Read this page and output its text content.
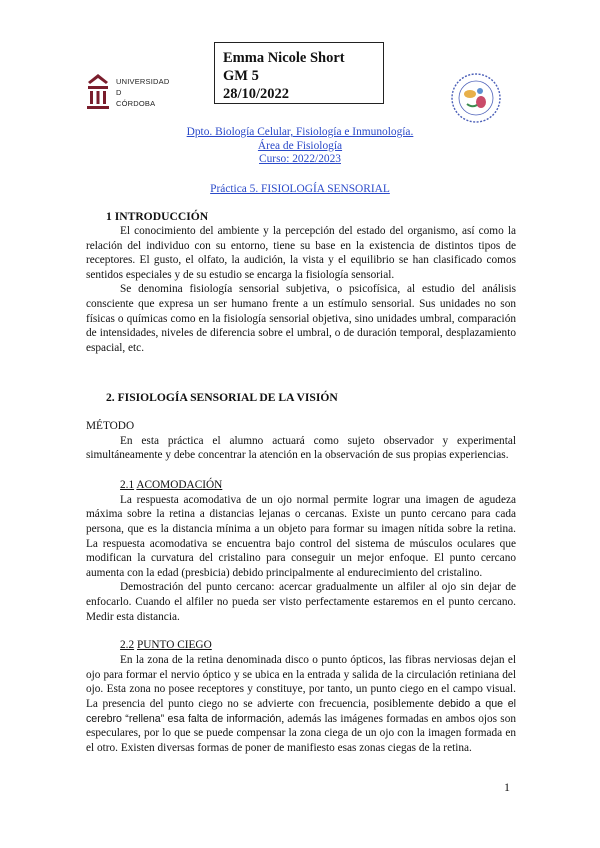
Emma Nicole Short
GM 5
28/10/2022
UNIVERSIDAD
D
CÓRDOBA
Dpto. Biología Celular, Fisiología e Inmunología.
Área de Fisiología
Curso: 2022/2023
Práctica 5. FISIOLOGÍA SENSORIAL
1 INTRODUCCIÓN

El conocimiento del ambiente y la percepción del estado del organismo, así como la relación del individuo con su entorno, tiene su base en la existencia de distintos tipos de receptores. El gusto, el olfato, la audición, la vista y el equilibrio se han clasificado comos sentidos especiales y de su estudio se encarga la fisiología sensorial.

Se denomina fisiología sensorial subjetiva, o psicofísica, al estudio del análisis consciente que expresa un ser humano frente a un estímulo sensorial. Sus unidades no son físicas o químicas como en la fisiología sensorial objetiva, sino unidades umbral, comparación de intensidades, niveles de diferencia sobre el umbral, o de duración temporal, desplazamiento espacial, etc.

2. FISIOLOGÍA SENSORIAL DE LA VISIÓN

MÉTODO

En esta práctica el alumno actuará como sujeto observador y experimental simultáneamente y debe concentrar la atención en la observación de sus propias experiencias.

2.1 ACOMODACIÓN

La respuesta acomodativa de un ojo normal permite lograr una imagen de agudeza máxima sobre la retina a distancias lejanas o cercanas. Existe un punto cercano para cada persona, que es la distancia mínima a un objeto para formar su imagen nítida sobre la retina. La respuesta acomodativa se encuentra bajo control del sistema de músculos oculares que modifican la curvatura del cristalino para conseguir un mejor enfoque. El punto cercano aumenta con la edad (presbicia) debido principalmente al endurecimiento del cristalino.

Demostración del punto cercano: acercar gradualmente un alfiler al ojo sin dejar de enfocarlo. Cuando el alfiler no pueda ser visto perfectamente estaremos en el punto cercano. Medir esta distancia.

2.2 PUNTO CIEGO

En la zona de la retina denominada disco o punto ópticos, las fibras nerviosas dejan el ojo para formar el nervio óptico y se ubica en la entrada y salida de la circulación retiniana del ojo. Esta zona no posee receptores y constituye, por tanto, un punto ciego en el campo visual. La presencia del punto ciego no se advierte con frecuencia, posiblemente debido a que el cerebro “rellena” esa falta de información, además las imágenes formadas en ambos ojos son especulares, por lo que se puede compensar la zona ciega de un ojo con la imagen formada en el otro. Existen diversas formas de poner de manifiesto esas zonas ciegas de la retina.

1
